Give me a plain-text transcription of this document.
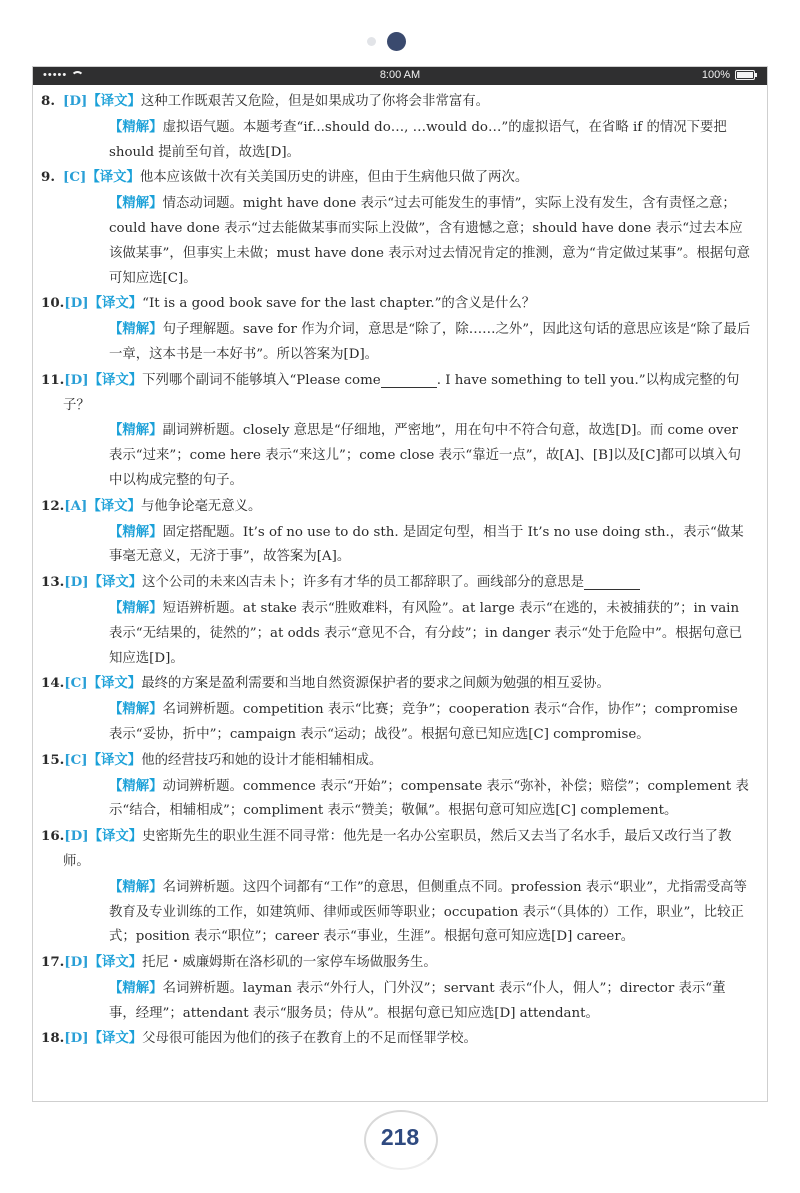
•••••	8:00 AM	100%

8. [D]【译文】这种工作既艰苦又危险，但是如果成功了你将会非常富有。

【精解】虚拟语气题。本题考查“if...should do…, …would do…”的虚拟语气，在省略 if 的情况下要把 should 提前至句首，故选[D]。

9. [C]【译文】他本应该做十次有关美国历史的讲座，但由于生病他只做了两次。

【精解】情态动词题。might have done 表示“过去可能发生的事情”，实际上没有发生，含有责怪之意；could have done 表示“过去能做某事而实际上没做”，含有遗憾之意；should have done 表示“过去本应该做某事”，但事实上未做；must have done 表示对过去情况肯定的推测，意为“肯定做过某事”。根据句意可知应选[C]。

10.[D]【译文】“It is a good book save for the last chapter.”的含义是什么？

【精解】句子理解题。save for 作为介词，意思是“除了，除……之外”，因此这句话的意思应该是“除了最后一章，这本书是一本好书”。所以答案为[D]。

11.[D]【译文】下列哪个副词不能够填入“Please come	. I have something to tell you.”以构成完整的句子？

【精解】副词辨析题。closely 意思是“仔细地，严密地”，用在句中不符合句意，故选[D]。而 come over 表示“过来”；come here 表示“来这儿”；come close 表示“靠近一点”，故[A]、[B]以及[C]都可以填入句中以构成完整的句子。

12.[A]【译文】与他争论毫无意义。

【精解】固定搭配题。It’s of no use to do sth. 是固定句型，相当于 It’s no use doing sth.，表示“做某事毫无意义，无济于事”，故答案为[A]。

13.[D]【译文】这个公司的未来凶吉未卜；许多有才华的员工都辞职了。画线部分的意思是

【精解】短语辨析题。at stake 表示“胜败难料，有风险”。at large 表示“在逃的，未被捕获的”；in vain 表示“无结果的，徒然的”；at odds 表示“意见不合，有分歧”；in danger 表示“处于危险中”。根据句意已知应选[D]。

14.[C]【译文】最终的方案是盈利需要和当地自然资源保护者的要求之间颇为勉强的相互妥协。

【精解】名词辨析题。competition 表示“比赛；竞争”；cooperation 表示“合作，协作”；compromise 表示“妥协，折中”；campaign 表示“运动；战役”。根据句意已知应选[C] compromise。

15.[C]【译文】他的经营技巧和她的设计才能相辅相成。

【精解】动词辨析题。commence 表示“开始”；compensate 表示“弥补，补偿；赔偿”；complement 表示“结合，相辅相成”；compliment 表示“赞美；敬佩”。根据句意可知应选[C] complement。

16.[D]【译文】史密斯先生的职业生涯不同寻常：他先是一名办公室职员，然后又去当了名水手，最后又改行当了教师。

【精解】名词辨析题。这四个词都有“工作”的意思，但侧重点不同。profession 表示“职业”，尤指需受高等教育及专业训练的工作，如建筑师、律师或医师等职业；occupation 表示“（具体的）工作，职业”，比较正式；position 表示“职位”；career 表示“事业，生涯”。根据句意可知应选[D] career。

17.[D]【译文】托尼・威廉姆斯在洛杉矶的一家停车场做服务生。

【精解】名词辨析题。layman 表示“外行人，门外汉”；servant 表示“仆人，佣人”；director 表示“董事，经理”；attendant 表示“服务员；侍从”。根据句意已知应选[D] attendant。

18.[D]【译文】父母很可能因为他们的孩子在教育上的不足而怪罪学校。

218
